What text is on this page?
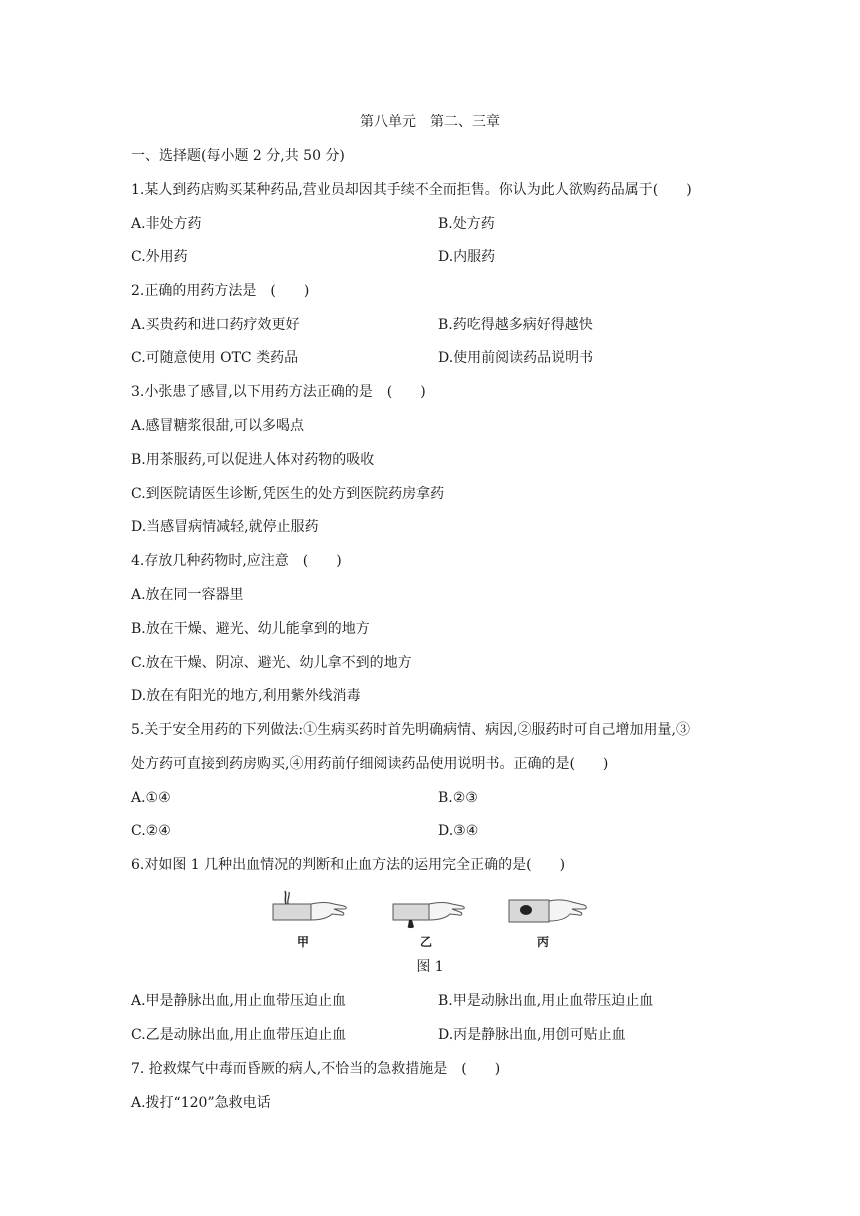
第八单元　第二、三章
一、选择题(每小题 2 分,共 50 分)
1.某人到药店购买某种药品,营业员却因其手续不全而拒售。你认为此人欲购药品属于(　　)
A.非处方药	B.处方药
C.外用药	D.内服药
2.正确的用药方法是　(　　)
A.买贵药和进口药疗效更好	B.药吃得越多病好得越快
C.可随意使用 OTC 类药品	D.使用前阅读药品说明书
3.小张患了感冒,以下用药方法正确的是　(　　)
A.感冒糖浆很甜,可以多喝点
B.用茶服药,可以促进人体对药物的吸收
C.到医院请医生诊断,凭医生的处方到医院药房拿药
D.当感冒病情减轻,就停止服药
4.存放几种药物时,应注意　(　　)
A.放在同一容器里
B.放在干燥、避光、幼儿能拿到的地方
C.放在干燥、阴凉、避光、幼儿拿不到的地方
D.放在有阳光的地方,利用紫外线消毒
5.关于安全用药的下列做法:①生病买药时首先明确病情、病因,②服药时可自己增加用量,③
处方药可直接到药房购买,④用药前仔细阅读药品使用说明书。正确的是(　　)
A.①④	B.②③
C.②④	D.③④
6.对如图 1 几种出血情况的判断和止血方法的运用完全正确的是(　　)
甲	乙	丙
图 1
A.甲是静脉出血,用止血带压迫止血	B.甲是动脉出血,用止血带压迫止血
C.乙是动脉出血,用止血带压迫止血	D.丙是静脉出血,用创可贴止血
7. 抢救煤气中毒而昏厥的病人,不恰当的急救措施是　(　　)
A.拨打“120”急救电话
